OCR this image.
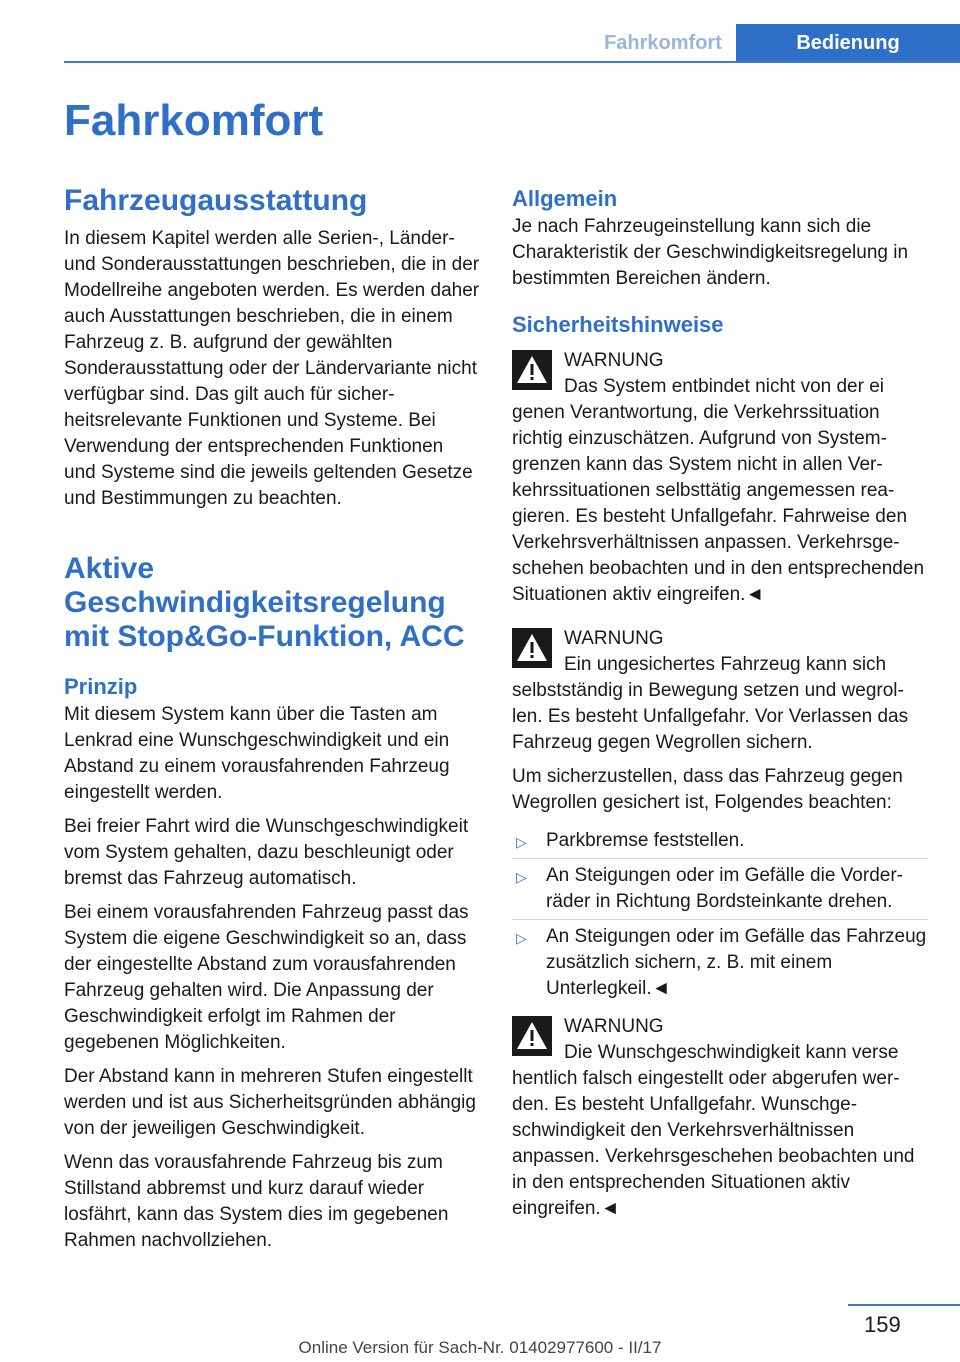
Fahrkomfort	Bedienung
Fahrkomfort
Fahrzeugausstattung

In diesem Kapitel werden alle Serien-, Länder- und Sonderausstattungen beschrieben, die in der Modellreihe angeboten werden. Es werden daher auch Ausstattungen beschrieben, die in einem Fahrzeug z. B. aufgrund der gewählten Sonderausstattung oder der Ländervariante nicht verfügbar sind. Das gilt auch für sicherheitsrelevante Funktionen und Systeme. Bei Verwendung der entsprechenden Funktionen und Systeme sind die jeweils geltenden Gesetze und Bestimmungen zu beachten.

Aktive Geschwindigkeitsregelung mit Stop&Go-Funktion, ACC
Prinzip

Mit diesem System kann über die Tasten am Lenkrad eine Wunschgeschwindigkeit und ein Abstand zu einem vorausfahrenden Fahrzeug eingestellt werden.

Bei freier Fahrt wird die Wunschgeschwindigkeit vom System gehalten, dazu beschleunigt oder bremst das Fahrzeug automatisch.

Bei einem vorausfahrenden Fahrzeug passt das System die eigene Geschwindigkeit so an, dass der eingestellte Abstand zum vorausfahrenden Fahrzeug gehalten wird. Die Anpassung der Geschwindigkeit erfolgt im Rahmen der gegebenen Möglichkeiten.

Der Abstand kann in mehreren Stufen eingestellt werden und ist aus Sicherheitsgründen abhängig von der jeweiligen Geschwindigkeit.

Wenn das vorausfahrende Fahrzeug bis zum Stillstand abbremst und kurz darauf wieder losfährt, kann das System dies im gegebenen Rahmen nachvollziehen.

Allgemein

Je nach Fahrzeugeinstellung kann sich die Charakteristik der Geschwindigkeitsregelung in bestimmten Bereichen ändern.

Sicherheitshinweise
WARNUNG

Das System entbindet nicht von der ei

genen Verantwortung, die Verkehrssituation richtig einzuschätzen. Aufgrund von Systemgrenzen kann das System nicht in allen Verkehrssituationen selbsttätig angemessen reagieren. Es besteht Unfallgefahr. Fahrweise den Verkehrsverhältnissen anpassen. Verkehrsgeschehen beobachten und in den entsprechenden Situationen aktiv eingreifen.◄

WARNUNG

Ein ungesichertes Fahrzeug kann sich

selbstständig in Bewegung setzen und wegrollen. Es besteht Unfallgefahr. Vor Verlassen das Fahrzeug gegen Wegrollen sichern.

Um sicherzustellen, dass das Fahrzeug gegen Wegrollen gesichert ist, Folgendes beachten:

▷ Parkbremse feststellen.
▷ An Steigungen oder im Gefälle die Vorderräder in Richtung Bordsteinkante drehen.
▷ An Steigungen oder im Gefälle das Fahrzeug zusätzlich sichern, z. B. mit einem Unterlegkeil.◄
WARNUNG

Die Wunschgeschwindigkeit kann verse

hentlich falsch eingestellt oder abgerufen werden. Es besteht Unfallgefahr. Wunschgeschwindigkeit den Verkehrsverhältnissen anpassen. Verkehrsgeschehen beobachten und in den entsprechenden Situationen aktiv eingreifen.◄

159
Online Version für Sach-Nr. 01402977600 - II/17
